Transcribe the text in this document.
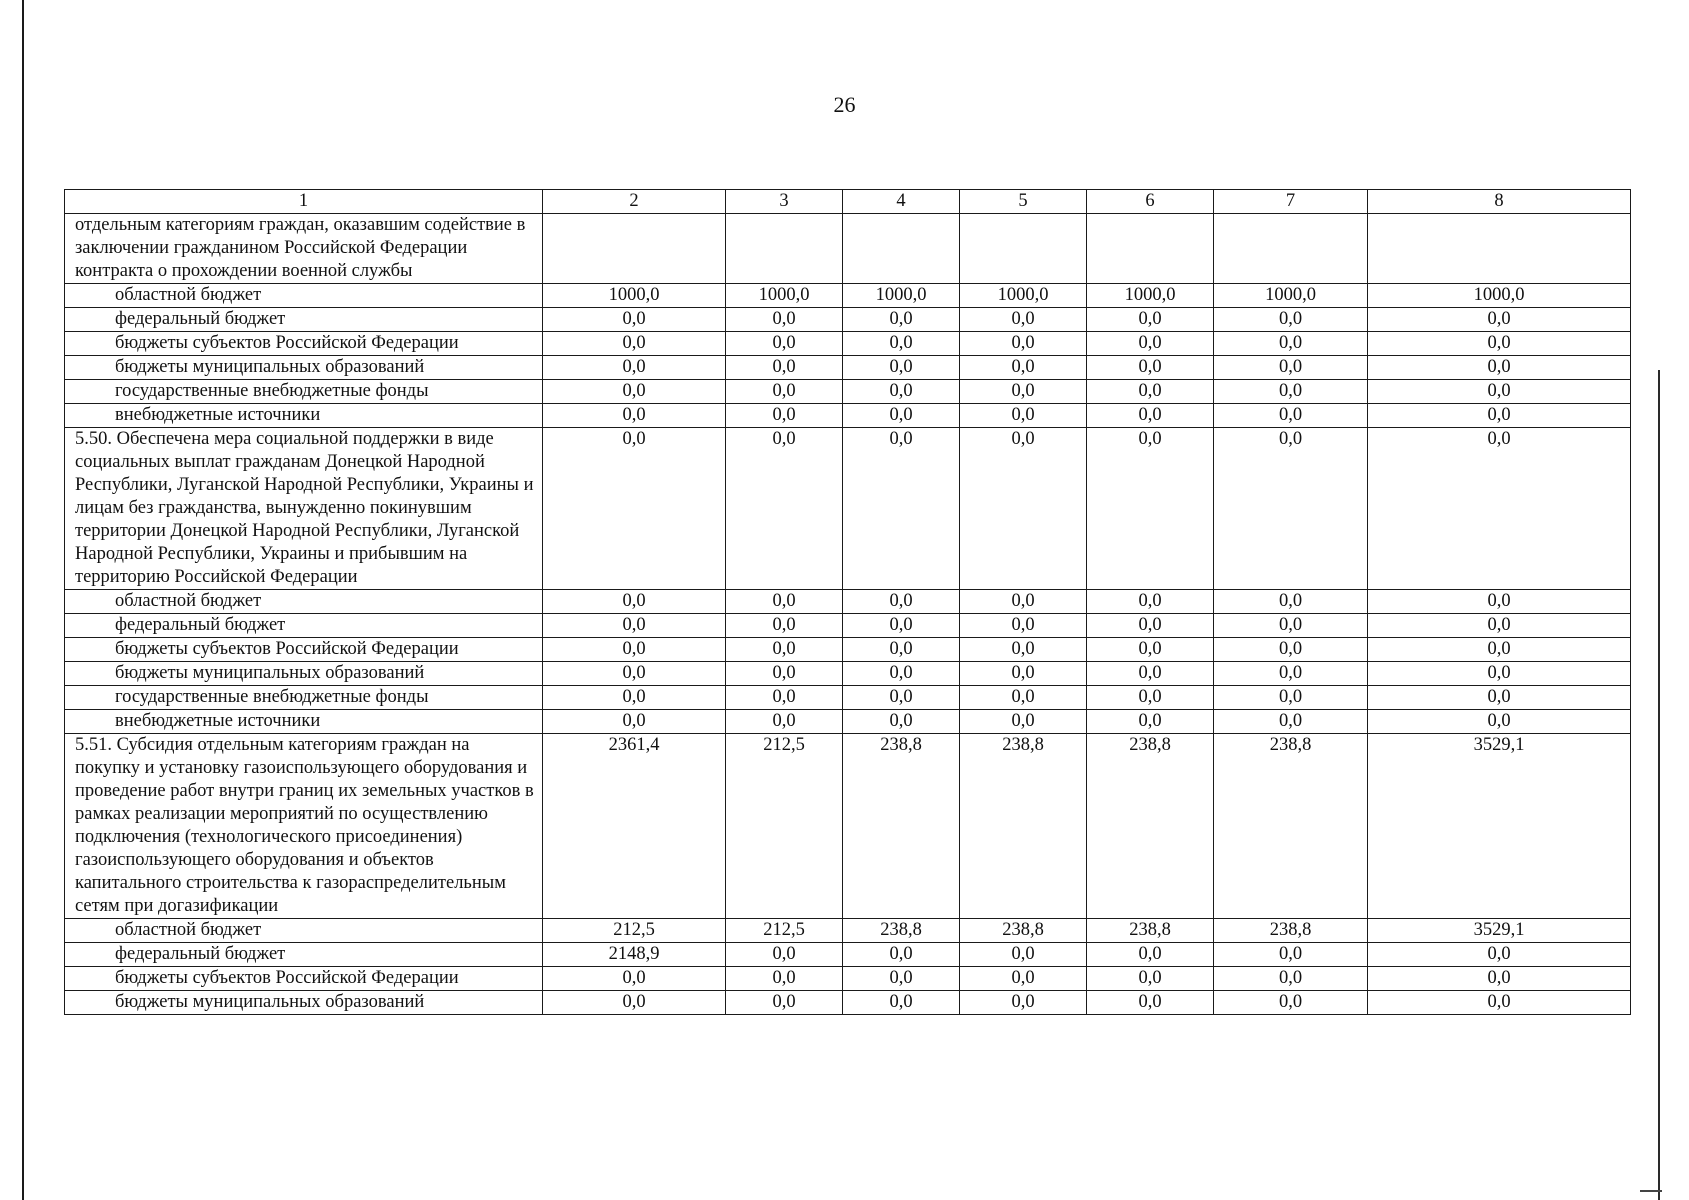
26
1	2	3	4	5	6	7	8
отдельным категориям граждан, оказавшим содействие в заключении гражданином Российской Федерации контракта о прохождении военной службы							
областной бюджет	1000,0	1000,0	1000,0	1000,0	1000,0	1000,0	1000,0
федеральный бюджет	0,0	0,0	0,0	0,0	0,0	0,0	0,0
бюджеты субъектов Российской Федерации	0,0	0,0	0,0	0,0	0,0	0,0	0,0
бюджеты муниципальных образований	0,0	0,0	0,0	0,0	0,0	0,0	0,0
государственные внебюджетные фонды	0,0	0,0	0,0	0,0	0,0	0,0	0,0
внебюджетные источники	0,0	0,0	0,0	0,0	0,0	0,0	0,0
5.50. Обеспечена мера социальной поддержки в виде социальных выплат гражданам Донецкой Народной Республики, Луганской Народной Республики, Украины и лицам без гражданства, вынужденно покинувшим территории Донецкой Народной Республики, Луганской Народной Республики, Украины и прибывшим на территорию Российской Федерации	0,0	0,0	0,0	0,0	0,0	0,0	0,0
областной бюджет	0,0	0,0	0,0	0,0	0,0	0,0	0,0
федеральный бюджет	0,0	0,0	0,0	0,0	0,0	0,0	0,0
бюджеты субъектов Российской Федерации	0,0	0,0	0,0	0,0	0,0	0,0	0,0
бюджеты муниципальных образований	0,0	0,0	0,0	0,0	0,0	0,0	0,0
государственные внебюджетные фонды	0,0	0,0	0,0	0,0	0,0	0,0	0,0
внебюджетные источники	0,0	0,0	0,0	0,0	0,0	0,0	0,0
5.51. Субсидия отдельным категориям граждан на покупку и установку газоиспользующего оборудования и проведение работ внутри границ их земельных участков в рамках реализации мероприятий по осуществлению подключения (технологического присоединения) газоиспользующего оборудования и объектов капитального строительства к газораспределительным сетям при догазификации	2361,4	212,5	238,8	238,8	238,8	238,8	3529,1
областной бюджет	212,5	212,5	238,8	238,8	238,8	238,8	3529,1
федеральный бюджет	2148,9	0,0	0,0	0,0	0,0	0,0	0,0
бюджеты субъектов Российской Федерации	0,0	0,0	0,0	0,0	0,0	0,0	0,0
бюджеты муниципальных образований	0,0	0,0	0,0	0,0	0,0	0,0	0,0
